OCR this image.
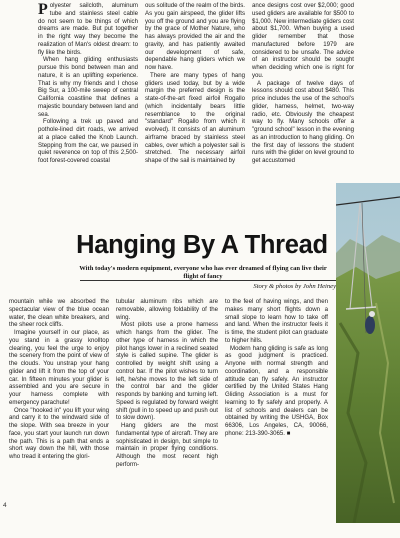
Polyester sailcloth, aluminum tube and stainless steel cable do not seem to be things of which dreams are made. But put together in the right way they become the realization of Man's oldest dream: to fly like the birds.

When hang gliding enthusiasts pursue this bond between man and nature, it is an uplifting experience. That is why my friends and I chose Big Sur, a 100-mile sweep of central California coastline that defines a majestic boundary between land and sea.

Following a trek up paved and pothole-lined dirt roads, we arrived at a place called the Knob Launch. Stepping from the car, we paused in quiet reverence on top of this 2,500-foot forest-covered coastal

ous solitude of the realm of the birds. As you gain airspeed, the glider lifts you off the ground and you are flying by the grace of Mother Nature, who has always provided the air and the gravity, and has patiently awaited our development of safe, dependable hang gliders which we now have.

There are many types of hang gliders used today, but by a wide margin the preferred design is the state-of-the-art fixed airfoil Rogallo (which incidentally bears little resemblance to the original "standard" Rogallo from which it evolved). It consists of an aluminum airframe braced by stainless steel cables, over which a polyester sail is stretched. The necessary airfoil shape of the sail is maintained by

ance designs cost over $2,000; good used gliders are available for $500 to $1,000. New intermediate gliders cost about $1,700. When buying a used glider remember that those manufactured before 1979 are considered to be unsafe. The advice of an instructor should be sought when deciding which one is right for you.

A package of twelve days of lessons should cost about $480. This price includes the use of the school's glider, harness, helmet, two-way radio, etc. Obviously the cheapest way to fly. Many schools offer a "ground school" lesson in the evening as an introduction to hang gliding. On the first day of lessons the student runs with the glider on level ground to get accustomed

Hanging By A Thread
With today's modern equipment, everyone who has ever dreamed of flying can live their flight of fancy
Story & photos by John Heiney

mountain while we absorbed the spectacular view of the blue ocean water, the clean white breakers, and the sheer rock cliffs.

Imagine yourself in our place, as you stand in a grassy knolltop clearing, you feel the urge to enjoy the scenery from the point of view of the clouds. You unstrap your hang glider and lift it from the top of your car. In fifteen minutes your glider is assembled and you are secure in your harness complete with emergency parachute!

Once "hooked in" you lift your wing and carry it to the windward side of the slope. With sea breeze in your face, you start your launch run down the path. This is a path that ends a short way down the hill, with those who tread it entering the glori-

tubular aluminum ribs which are removable, allowing foldability of the wing.

Most pilots use a prone harness which hangs from the glider. The other type of harness in which the pilot hangs lower in a reclined seated style is called supine. The glider is controlled by weight shift using a control bar. If the pilot wishes to turn left, he/she moves to the left side of the control bar and the glider responds by banking and turning left. Speed is regulated by forward weight shift (pull in to speed up and push out to slow down).

Hang gliders are the most fundamental type of aircraft. They are sophisticated in design, but simple to maintain in proper flying conditions. Although the most recent high perform-

to the feel of having wings, and then makes many short flights down a small slope to learn how to take off and land. When the instructor feels it is time, the student pilot can graduate to higher hills.

Modern hang gliding is safe as long as good judgment is practiced. Anyone with normal strength and coordination, and a responsible attitude can fly safely. An instructor certified by the United States Hang Gliding Association is a must for learning to fly safely and properly. A list of schools and dealers can be obtained by writing the USHGA, Box 66306, Los Angeles, CA, 90066, phone: 213-390-3065. ■

4
